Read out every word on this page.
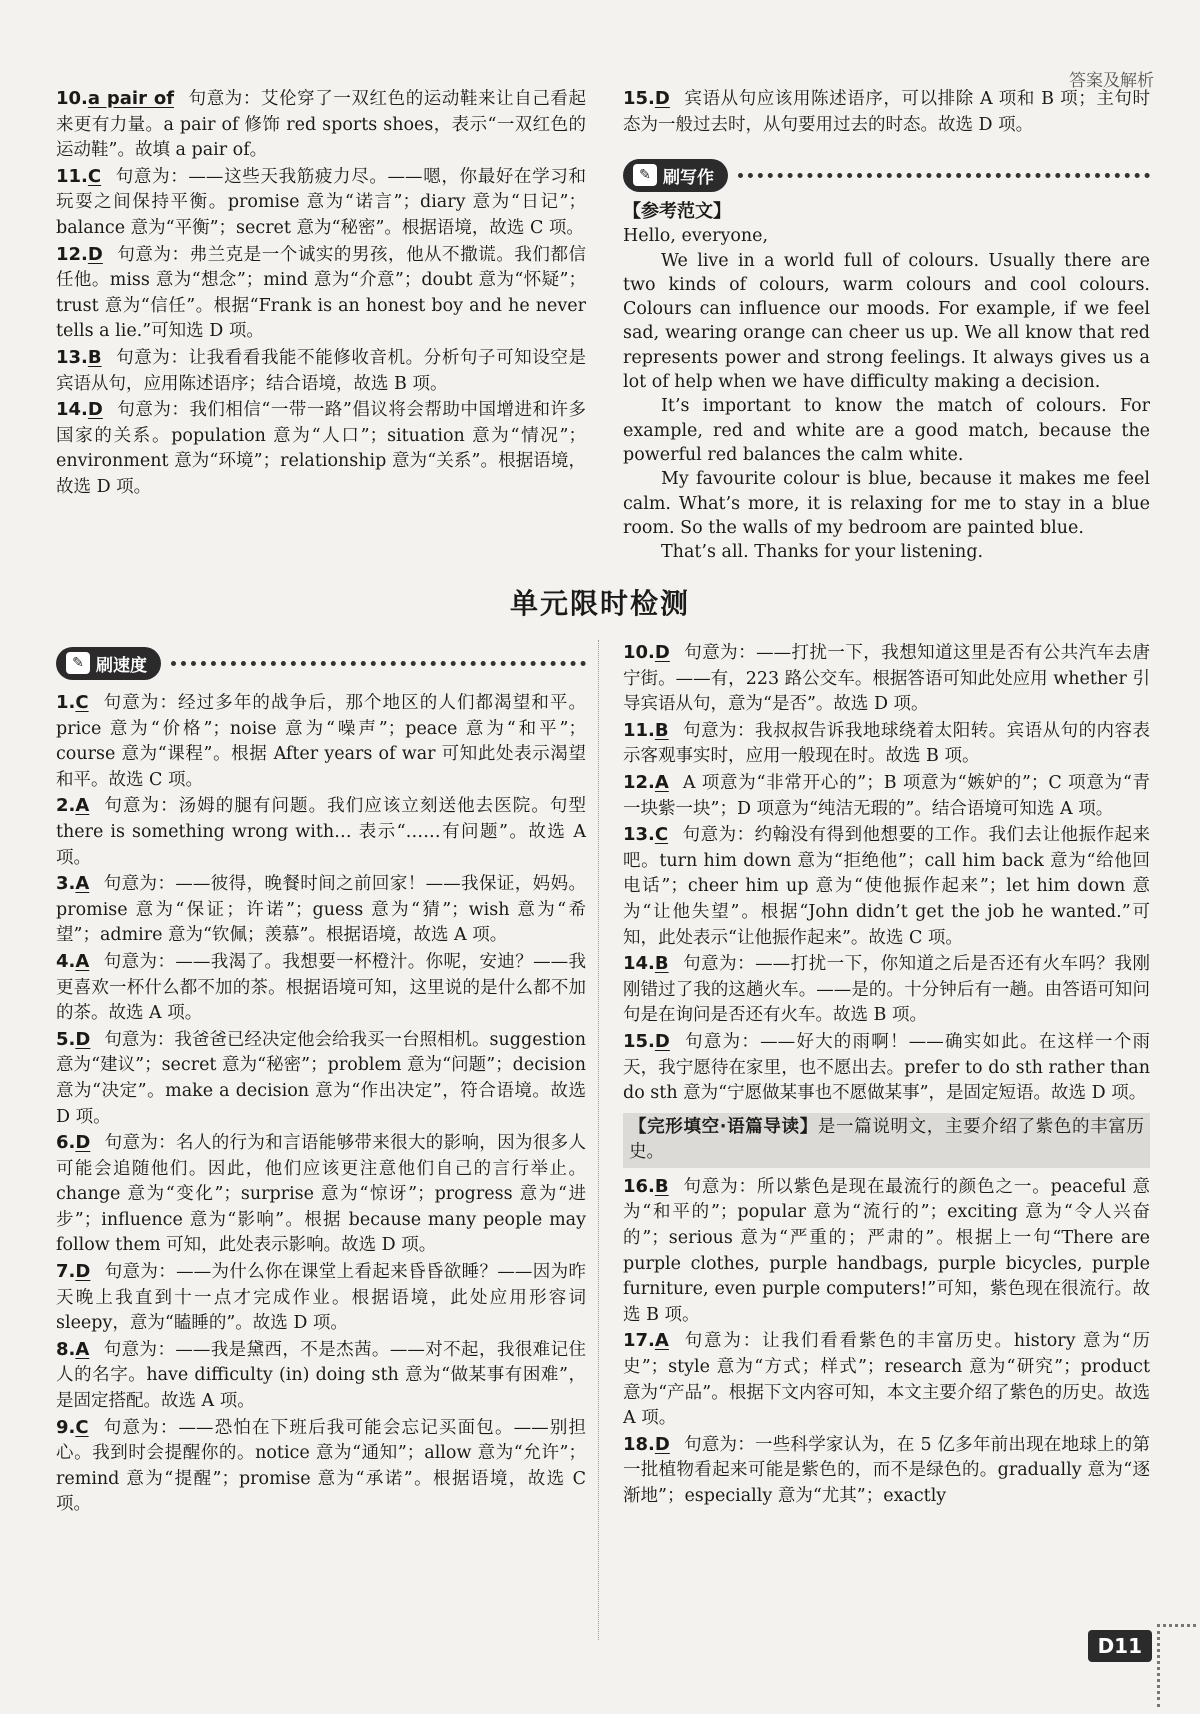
答案及解析
10.a pair of 句意为：艾伦穿了一双红色的运动鞋来让自己看起来更有力量。a pair of 修饰 red sports shoes，表示“一双红色的运动鞋”。故填 a pair of。
11.C 句意为：——这些天我筋疲力尽。——嗯，你最好在学习和玩耍之间保持平衡。promise 意为“诺言”；diary 意为“日记”；balance 意为“平衡”；secret 意为“秘密”。根据语境，故选 C 项。
12.D 句意为：弗兰克是一个诚实的男孩，他从不撒谎。我们都信任他。miss 意为“想念”；mind 意为“介意”；doubt 意为“怀疑”；trust 意为“信任”。根据“Frank is an honest boy and he never tells a lie.”可知选 D 项。
13.B 句意为：让我看看我能不能修收音机。分析句子可知设空是宾语从句，应用陈述语序；结合语境，故选 B 项。
14.D 句意为：我们相信“一带一路”倡议将会帮助中国增进和许多国家的关系。population 意为“人口”；situation 意为“情况”；environment 意为“环境”；relationship 意为“关系”。根据语境，故选 D 项。
15.D 宾语从句应该用陈述语序，可以排除 A 项和 B 项；主句时态为一般过去时，从句要用过去的时态。故选 D 项。
✎ 刷写作

【参考范文】

Hello, everyone,

We live in a world full of colours. Usually there are two kinds of colours, warm colours and cool colours. Colours can influence our moods. For example, if we feel sad, wearing orange can cheer us up. We all know that red represents power and strong feelings. It always gives us a lot of help when we have difficulty making a decision.

It’s important to know the match of colours. For example, red and white are a good match, because the powerful red balances the calm white.

My favourite colour is blue, because it makes me feel calm. What’s more, it is relaxing for me to stay in a blue room. So the walls of my bedroom are painted blue.

That’s all. Thanks for your listening.

单元限时检测
✎ 刷速度
1.C 句意为：经过多年的战争后，那个地区的人们都渴望和平。price 意为“价格”；noise 意为“噪声”；peace 意为“和平”；course 意为“课程”。根据 After years of war 可知此处表示渴望和平。故选 C 项。
2.A 句意为：汤姆的腿有问题。我们应该立刻送他去医院。句型 there is something wrong with… 表示“……有问题”。故选 A 项。
3.A 句意为：——彼得，晚餐时间之前回家！——我保证，妈妈。promise 意为“保证；许诺”；guess 意为“猜”；wish 意为“希望”；admire 意为“钦佩；羡慕”。根据语境，故选 A 项。
4.A 句意为：——我渴了。我想要一杯橙汁。你呢，安迪？——我更喜欢一杯什么都不加的茶。根据语境可知，这里说的是什么都不加的茶。故选 A 项。
5.D 句意为：我爸爸已经决定他会给我买一台照相机。suggestion 意为“建议”；secret 意为“秘密”；problem 意为“问题”；decision 意为“决定”。make a decision 意为“作出决定”，符合语境。故选 D 项。
6.D 句意为：名人的行为和言语能够带来很大的影响，因为很多人可能会追随他们。因此，他们应该更注意他们自己的言行举止。change 意为“变化”；surprise 意为“惊讶”；progress 意为“进步”；influence 意为“影响”。根据 because many people may follow them 可知，此处表示影响。故选 D 项。
7.D 句意为：——为什么你在课堂上看起来昏昏欲睡？——因为昨天晚上我直到十一点才完成作业。根据语境，此处应用形容词 sleepy，意为“瞌睡的”。故选 D 项。
8.A 句意为：——我是黛西，不是杰茜。——对不起，我很难记住人的名字。have difficulty (in) doing sth 意为“做某事有困难”，是固定搭配。故选 A 项。
9.C 句意为：——恐怕在下班后我可能会忘记买面包。——别担心。我到时会提醒你的。notice 意为“通知”；allow 意为“允许”；remind 意为“提醒”；promise 意为“承诺”。根据语境，故选 C 项。
10.D 句意为：——打扰一下，我想知道这里是否有公共汽车去唐宁街。——有，223 路公交车。根据答语可知此处应用 whether 引导宾语从句，意为“是否”。故选 D 项。
11.B 句意为：我叔叔告诉我地球绕着太阳转。宾语从句的内容表示客观事实时，应用一般现在时。故选 B 项。
12.A A 项意为“非常开心的”；B 项意为“嫉妒的”；C 项意为“青一块紫一块”；D 项意为“纯洁无瑕的”。结合语境可知选 A 项。
13.C 句意为：约翰没有得到他想要的工作。我们去让他振作起来吧。turn him down 意为“拒绝他”；call him back 意为“给他回电话”；cheer him up 意为“使他振作起来”；let him down 意为“让他失望”。根据“John didn’t get the job he wanted.”可知，此处表示“让他振作起来”。故选 C 项。
14.B 句意为：——打扰一下，你知道之后是否还有火车吗？我刚刚错过了我的这趟火车。——是的。十分钟后有一趟。由答语可知问句是在询问是否还有火车。故选 B 项。
15.D 句意为：——好大的雨啊！——确实如此。在这样一个雨天，我宁愿待在家里，也不愿出去。prefer to do sth rather than do sth 意为“宁愿做某事也不愿做某事”，是固定短语。故选 D 项。
【完形填空·语篇导读】是一篇说明文，主要介绍了紫色的丰富历史。
16.B 句意为：所以紫色是现在最流行的颜色之一。peaceful 意为“和平的”；popular 意为“流行的”；exciting 意为“令人兴奋的”；serious 意为“严重的；严肃的”。根据上一句“There are purple clothes, purple handbags, purple bicycles, purple furniture, even purple computers!”可知，紫色现在很流行。故选 B 项。
17.A 句意为：让我们看看紫色的丰富历史。history 意为“历史”；style 意为“方式；样式”；research 意为“研究”；product 意为“产品”。根据下文内容可知，本文主要介绍了紫色的历史。故选 A 项。
18.D 句意为：一些科学家认为，在 5 亿多年前出现在地球上的第一批植物看起来可能是紫色的，而不是绿色的。gradually 意为“逐渐地”；especially 意为“尤其”；exactly
D11
